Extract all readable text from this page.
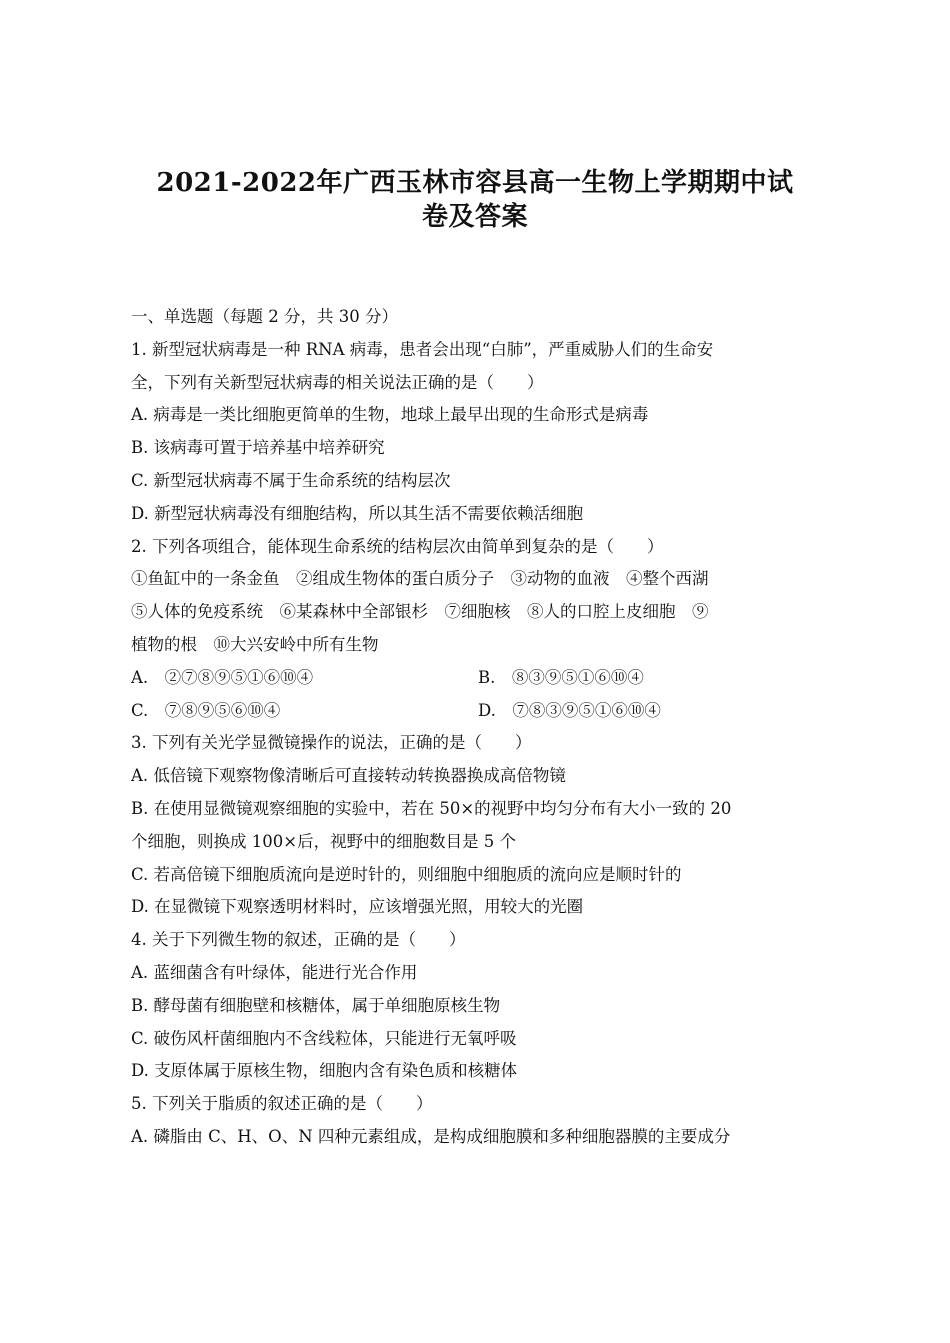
2021-2022年广西玉林市容县高一生物上学期期中试
卷及答案
一、单选题（每题 2 分，共 30 分）
1. 新型冠状病毒是一种 RNA 病毒，患者会出现“白肺”，严重威胁人们的生命安
全，下列有关新型冠状病毒的相关说法正确的是（　　）
A. 病毒是一类比细胞更简单的生物，地球上最早出现的生命形式是病毒
B. 该病毒可置于培养基中培养研究
C. 新型冠状病毒不属于生命系统的结构层次
D. 新型冠状病毒没有细胞结构，所以其生活不需要依赖活细胞
2. 下列各项组合，能体现生命系统的结构层次由简单到复杂的是（　　）
①鱼缸中的一条金鱼　②组成生物体的蛋白质分子　③动物的血液　④整个西湖
⑤人体的免疫系统　⑥某森林中全部银杉　⑦细胞核　⑧人的口腔上皮细胞　⑨
植物的根　⑩大兴安岭中所有生物
A.　②⑦⑧⑨⑤①⑥⑩④	B.　⑧③⑨⑤①⑥⑩④
C.　⑦⑧⑨⑤⑥⑩④	D.　⑦⑧③⑨⑤①⑥⑩④
3. 下列有关光学显微镜操作的说法，正确的是（　　）
A. 低倍镜下观察物像清晰后可直接转动转换器换成高倍物镜
B. 在使用显微镜观察细胞的实验中，若在 50×的视野中均匀分布有大小一致的 20
个细胞，则换成 100×后，视野中的细胞数目是 5 个
C. 若高倍镜下细胞质流向是逆时针的，则细胞中细胞质的流向应是顺时针的
D. 在显微镜下观察透明材料时，应该增强光照，用较大的光圈
4. 关于下列微生物的叙述，正确的是（　　）
A. 蓝细菌含有叶绿体，能进行光合作用
B. 酵母菌有细胞壁和核糖体，属于单细胞原核生物
C. 破伤风杆菌细胞内不含线粒体，只能进行无氧呼吸
D. 支原体属于原核生物，细胞内含有染色质和核糖体
5. 下列关于脂质的叙述正确的是（　　）
A. 磷脂由 C、H、O、N 四种元素组成，是构成细胞膜和多种细胞器膜的主要成分
